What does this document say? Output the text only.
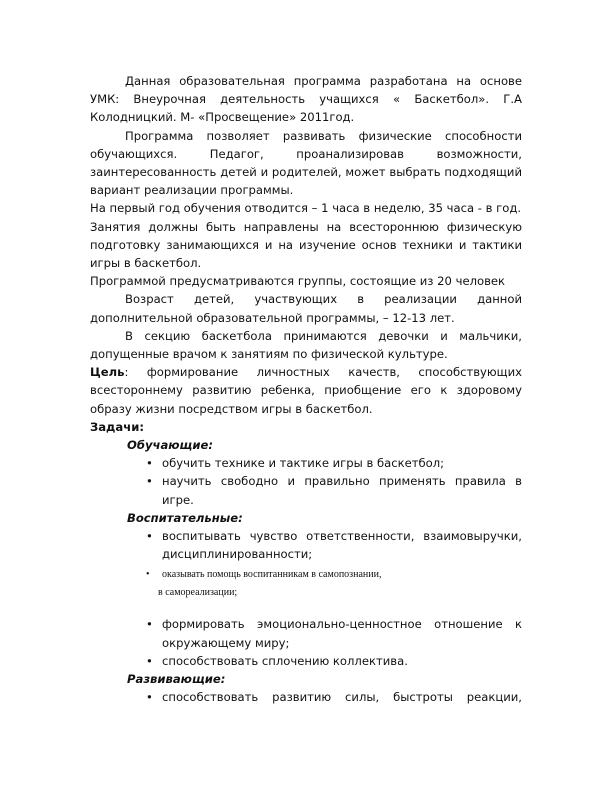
Данная образовательная программа разработана на основе УМК: Внеурочная деятельность учащихся « Баскетбол». Г.А Колодницкий. М- «Просвещение» 2011год.

Программа позволяет развивать физические способности обучающихся. Педагог, проанализировав возможности, заинтересованность детей и родителей, может выбрать подходящий вариант реализации программы.

На первый год обучения отводится – 1 часа в неделю, 35 часа - в год.

Занятия должны быть направлены на всестороннюю физическую подготовку занимающихся и на изучение основ техники и тактики игры в баскетбол.

Программой предусматриваются группы, состоящие из 20 человек

Возраст детей, участвующих в реализации данной дополнительной образовательной программы, – 12-13 лет.

В секцию баскетбола принимаются девочки и мальчики, допущенные врачом к занятиям по физической культуре.

Цель: формирование личностных качеств, способствующих всестороннему развитию ребенка, приобщение его к здоровому образу жизни посредством игры в баскетбол.

Задачи:

Обучающие:

• обучить технике и тактике игры в баскетбол;
• научить свободно и правильно применять правила в игре.

Воспитательные:

• воспитывать чувство ответственности, взаимовыручки, дисциплинированности;
• оказывать помощь воспитанникам в самопознании,
в самореализации;
• формировать эмоционально-ценностное отношение к окружающему миру;
• способствовать сплочению коллектива.

Развивающие:

• способствовать развитию силы, быстроты реакции,
